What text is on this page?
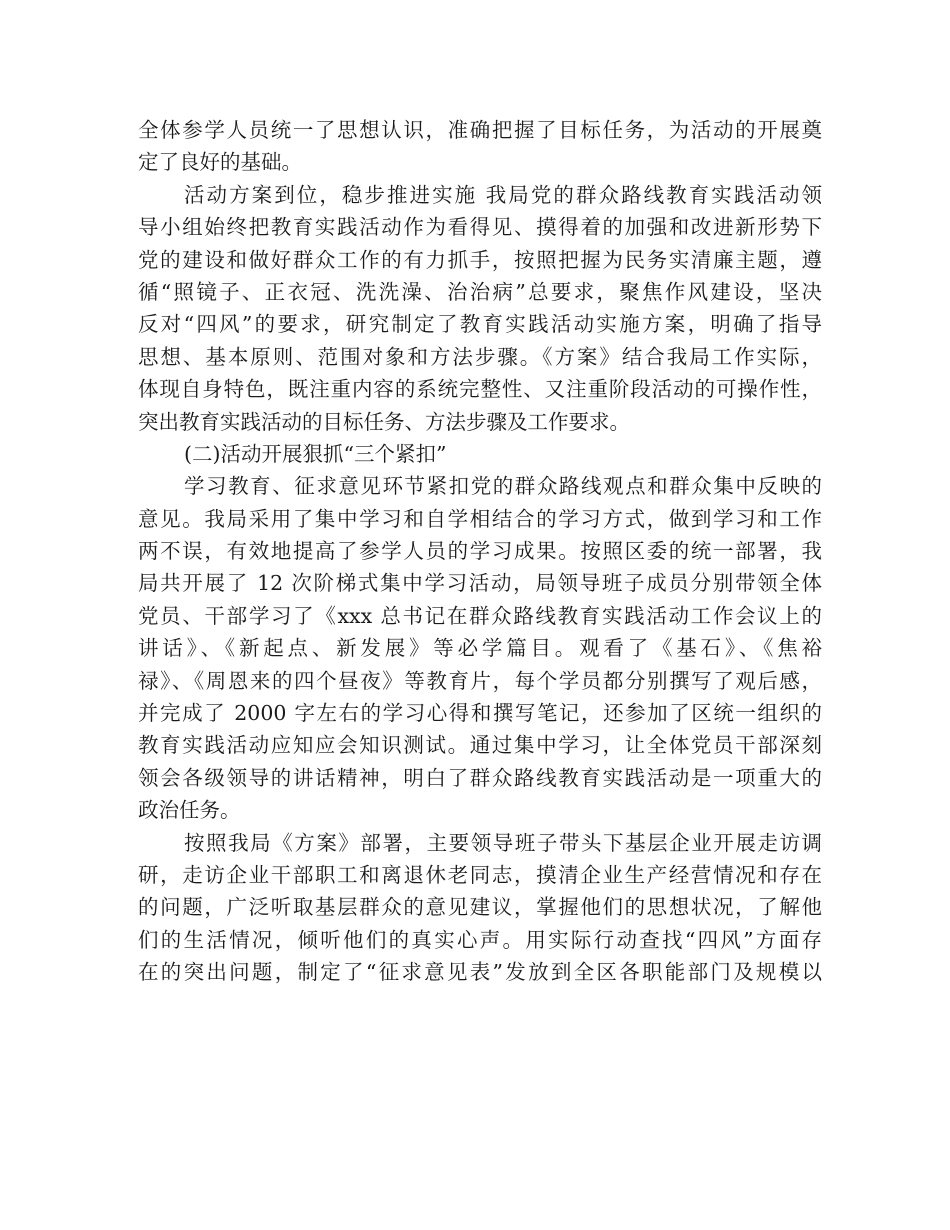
全体参学人员统一了思想认识，准确把握了目标任务，为活动的开展奠
定了良好的基础。
活动方案到位，稳步推进实施 我局党的群众路线教育实践活动领
导小组始终把教育实践活动作为看得见、摸得着的加强和改进新形势下
党的建设和做好群众工作的有力抓手，按照把握为民务实清廉主题，遵
循“照镜子、正衣冠、洗洗澡、治治病”总要求，聚焦作风建设，坚决
反对“四风”的要求，研究制定了教育实践活动实施方案，明确了指导
思想、基本原则、范围对象和方法步骤。《方案》结合我局工作实际，
体现自身特色，既注重内容的系统完整性、又注重阶段活动的可操作性，
突出教育实践活动的目标任务、方法步骤及工作要求。
(二)活动开展狠抓“三个紧扣”
学习教育、征求意见环节紧扣党的群众路线观点和群众集中反映的
意见。我局采用了集中学习和自学相结合的学习方式，做到学习和工作
两不误，有效地提高了参学人员的学习成果。按照区委的统一部署，我
局共开展了 12 次阶梯式集中学习活动，局领导班子成员分别带领全体
党员、干部学习了《xxx 总书记在群众路线教育实践活动工作会议上的
讲话》、《新起点、新发展》等必学篇目。观看了《基石》、《焦裕
禄》、《周恩来的四个昼夜》等教育片，每个学员都分别撰写了观后感，
并完成了 2000 字左右的学习心得和撰写笔记，还参加了区统一组织的
教育实践活动应知应会知识测试。通过集中学习，让全体党员干部深刻
领会各级领导的讲话精神，明白了群众路线教育实践活动是一项重大的
政治任务。
按照我局《方案》部署，主要领导班子带头下基层企业开展走访调
研，走访企业干部职工和离退休老同志，摸清企业生产经营情况和存在
的问题，广泛听取基层群众的意见建议，掌握他们的思想状况，了解他
们的生活情况，倾听他们的真实心声。用实际行动查找“四风”方面存
在的突出问题，制定了“征求意见表”发放到全区各职能部门及规模以
